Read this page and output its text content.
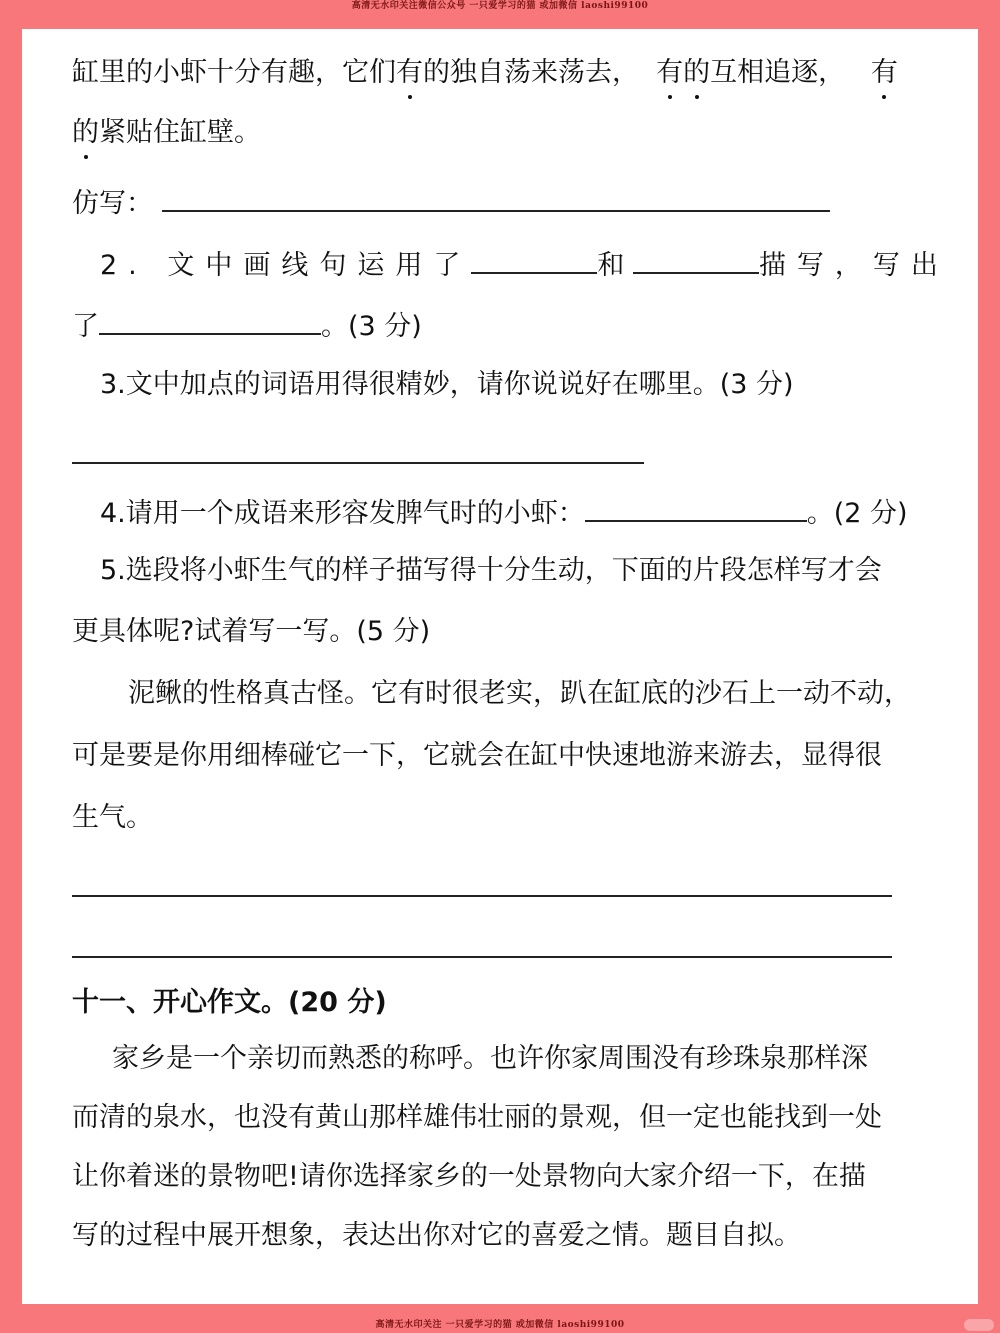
高清无水印关注微信公众号 一只爱学习的猫 或加微信 laoshi99100
缸里的小虾十分有趣，它们有的独自荡来荡去， 有的互相追逐， 有
的紧贴住缸壁。
仿写：
2. 文中画线句运用了	和	描写，写出
了	。(3 分)
3.文中加点的词语用得很精妙，请你说说好在哪里。(3 分)
4.请用一个成语来形容发脾气时的小虾：	。(2 分)
5.选段将小虾生气的样子描写得十分生动，下面的片段怎样写才会
更具体呢?试着写一写。(5 分)
泥鳅的性格真古怪。它有时很老实，趴在缸底的沙石上一动不动，
可是要是你用细棒碰它一下，它就会在缸中快速地游来游去，显得很
生气。
十一、开心作文。(20 分)
家乡是一个亲切而熟悉的称呼。也许你家周围没有珍珠泉那样深
而清的泉水，也没有黄山那样雄伟壮丽的景观，但一定也能找到一处
让你着迷的景物吧!请你选择家乡的一处景物向大家介绍一下，在描
写的过程中展开想象，表达出你对它的喜爱之情。题目自拟。
高清无水印关注 一只爱学习的猫 或加微信 laoshi99100
